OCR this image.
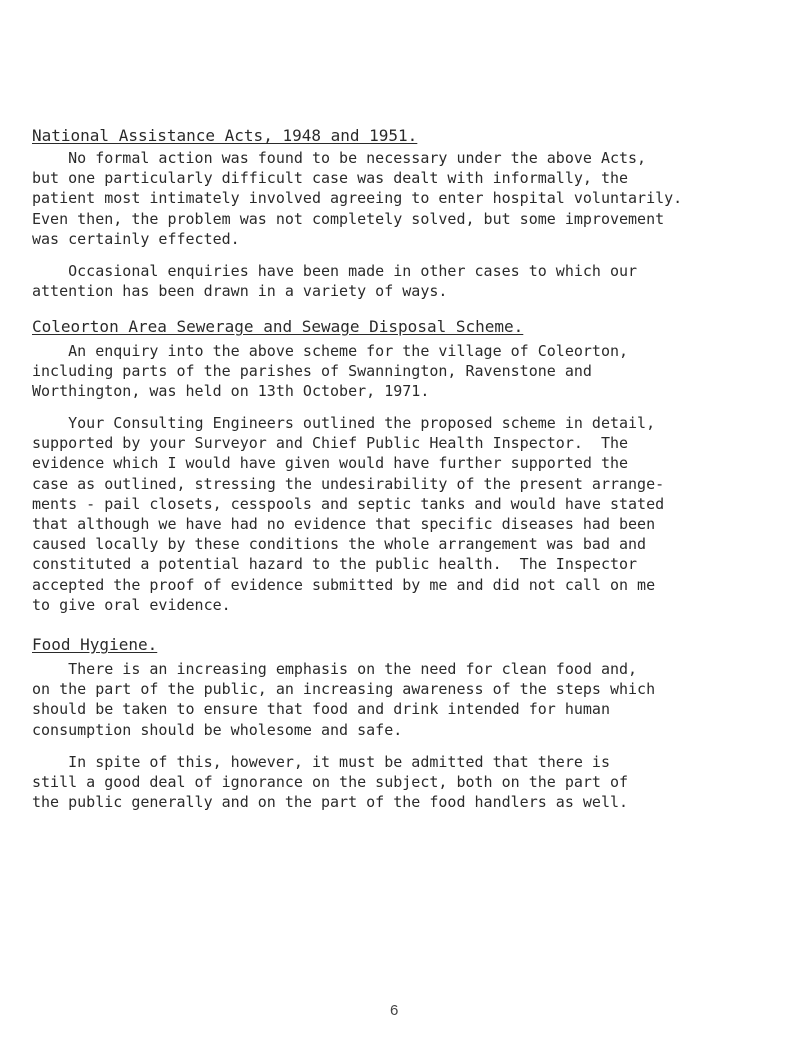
National Assistance Acts, 1948 and 1951.
No formal action was found to be necessary under the above Acts,
but one particularly difficult case was dealt with informally, the
patient most intimately involved agreeing to enter hospital voluntarily.
Even then, the problem was not completely solved, but some improvement
was certainly effected.
Occasional enquiries have been made in other cases to which our
attention has been drawn in a variety of ways.
Coleorton Area Sewerage and Sewage Disposal Scheme.
An enquiry into the above scheme for the village of Coleorton,
including parts of the parishes of Swannington, Ravenstone and
Worthington, was held on 13th October, 1971.
Your Consulting Engineers outlined the proposed scheme in detail,
supported by your Surveyor and Chief Public Health Inspector.  The
evidence which I would have given would have further supported the
case as outlined, stressing the undesirability of the present arrange-
ments - pail closets, cesspools and septic tanks and would have stated
that although we have had no evidence that specific diseases had been
caused locally by these conditions the whole arrangement was bad and
constituted a potential hazard to the public health.  The Inspector
accepted the proof of evidence submitted by me and did not call on me
to give oral evidence.
Food Hygiene.
There is an increasing emphasis on the need for clean food and,
on the part of the public, an increasing awareness of the steps which
should be taken to ensure that food and drink intended for human
consumption should be wholesome and safe.
In spite of this, however, it must be admitted that there is
still a good deal of ignorance on the subject, both on the part of
the public generally and on the part of the food handlers as well.
6
